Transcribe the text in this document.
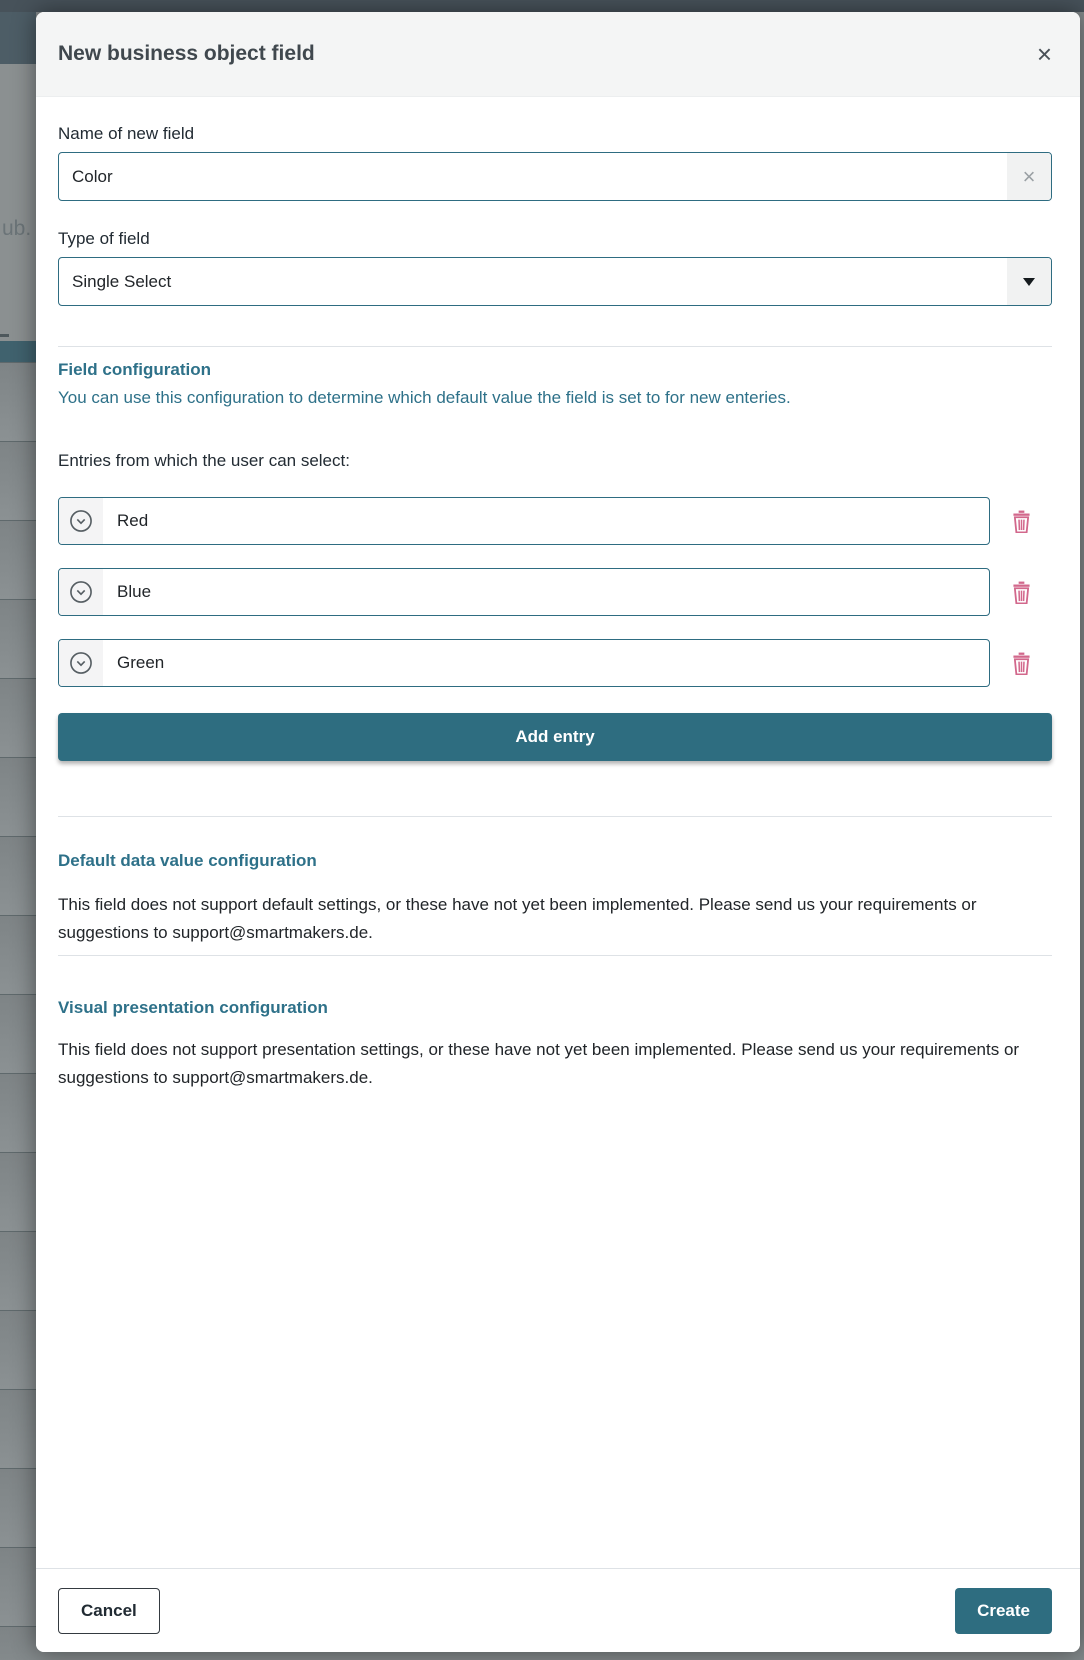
ub.
New business object field	×
Name of new field
Color
×
Type of field
Single Select
Field configuration
You can use this configuration to determine which default value the field is set to for new enteries.
Entries from which the user can select:
Red
Blue
Green
Add entry
Default data value configuration
This field does not support default settings, or these have not yet been implemented. Please send us your requirements or suggestions to support@smartmakers.de.
Visual presentation configuration
This field does not support presentation settings, or these have not yet been implemented. Please send us your requirements or suggestions to support@smartmakers.de.
Cancel	Create
